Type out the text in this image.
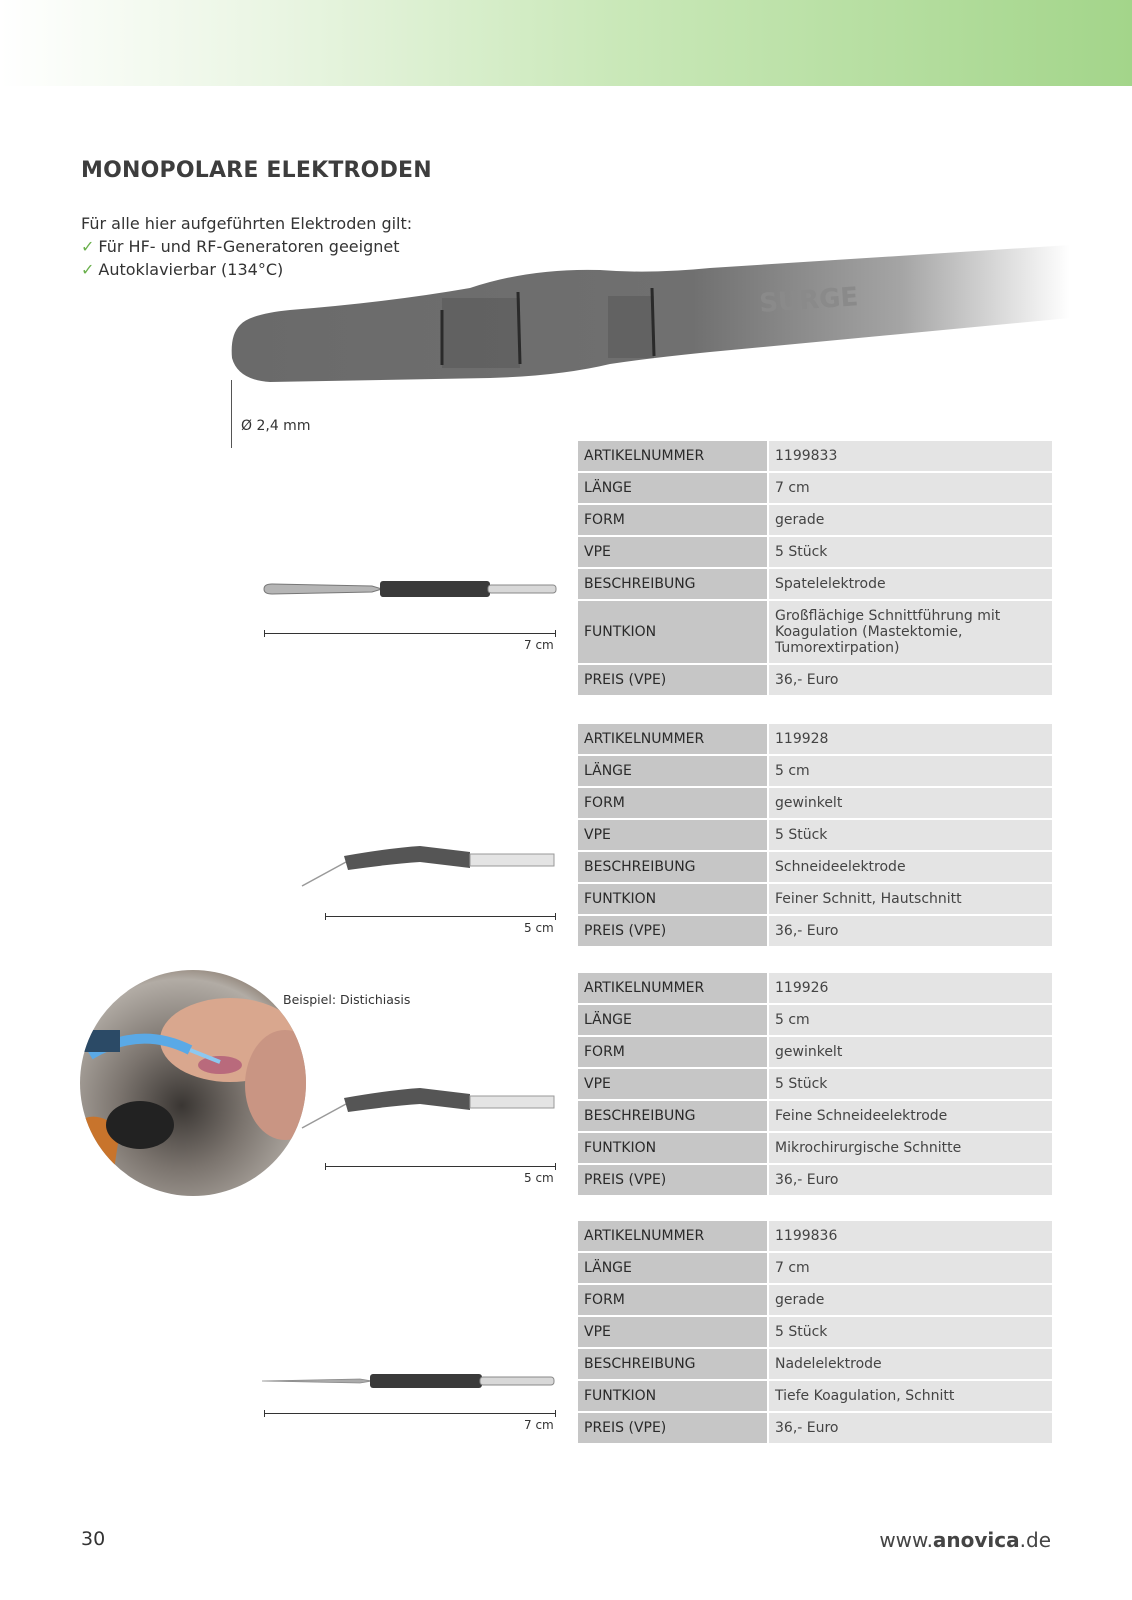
MONOPOLARE ELEKTRODEN
Für alle hier aufgeführten Elektroden gilt:
✓ Für HF- und RF-Generatoren geeignet
✓ Autoklavierbar (134°C)
SURGE
Ø 2,4 mm
7 cm
ARTIKELNUMMER	1199833
LÄNGE	7 cm
FORM	gerade
VPE	5 Stück
BESCHREIBUNG	Spatelelektrode
FUNTKION	Großflächige Schnittführung mit Koagulation (Mastektomie, Tumorextirpation)
PREIS (VPE)	36,- Euro
5 cm
ARTIKELNUMMER	119928
LÄNGE	5 cm
FORM	gewinkelt
VPE	5 Stück
BESCHREIBUNG	Schneideelektrode
FUNTKION	Feiner Schnitt, Hautschnitt
PREIS (VPE)	36,- Euro
Beispiel: Distichiasis
5 cm
ARTIKELNUMMER	119926
LÄNGE	5 cm
FORM	gewinkelt
VPE	5 Stück
BESCHREIBUNG	Feine Schneideelektrode
FUNTKION	Mikrochirurgische Schnitte
PREIS (VPE)	36,- Euro
7 cm
ARTIKELNUMMER	1199836
LÄNGE	7 cm
FORM	gerade
VPE	5 Stück
BESCHREIBUNG	Nadelelektrode
FUNTKION	Tiefe Koagulation, Schnitt
PREIS (VPE)	36,- Euro
30	www.anovica.de
